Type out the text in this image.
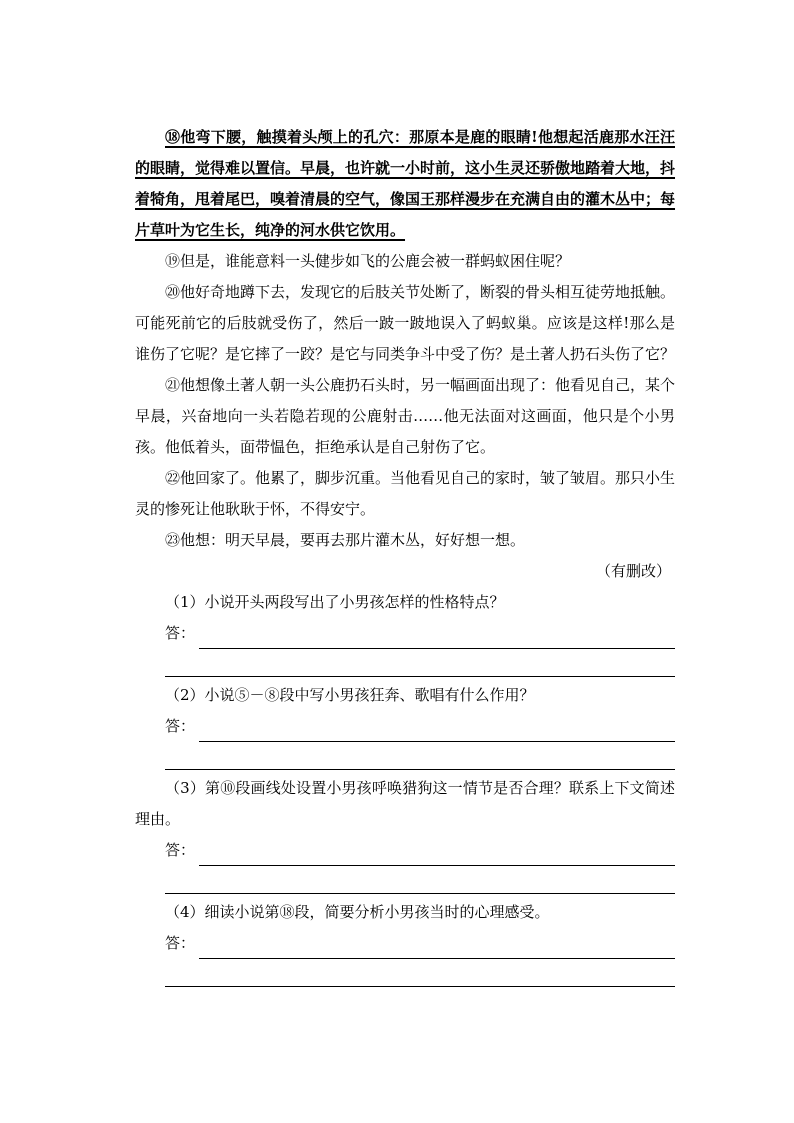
⑱他弯下腰，触摸着头颅上的孔穴：那原本是鹿的眼睛!他想起活鹿那水汪汪的眼睛，觉得难以置信。早晨，也许就一小时前，这小生灵还骄傲地踏着大地，抖着犄角，甩着尾巴，嗅着清晨的空气，像国王那样漫步在充满自由的灌木丛中；每片草叶为它生长，纯净的河水供它饮用。

⑲但是，谁能意料一头健步如飞的公鹿会被一群蚂蚁困住呢？

⑳他好奇地蹲下去，发现它的后肢关节处断了，断裂的骨头相互徒劳地抵触。可能死前它的后肢就受伤了，然后一跛一跛地误入了蚂蚁巢。应该是这样!那么是谁伤了它呢？是它摔了一跤？是它与同类争斗中受了伤？是土著人扔石头伤了它？

㉑他想像土著人朝一头公鹿扔石头时，另一幅画面出现了：他看见自己，某个早晨，兴奋地向一头若隐若现的公鹿射击……他无法面对这画面，他只是个小男孩。他低着头，面带愠色，拒绝承认是自己射伤了它。

㉒他回家了。他累了，脚步沉重。当他看见自己的家时，皱了皱眉。那只小生灵的惨死让他耿耿于怀，不得安宁。

㉓他想：明天早晨，要再去那片灌木丛，好好想一想。

（有删改）

（1）小说开头两段写出了小男孩怎样的性格特点？

答：

（2）小说⑤－⑧段中写小男孩狂奔、歌唱有什么作用？

答：

（3）第⑩段画线处设置小男孩呼唤猎狗这一情节是否合理？联系上下文简述理由。

答：

（4）细读小说第⑱段，简要分析小男孩当时的心理感受。

答：
